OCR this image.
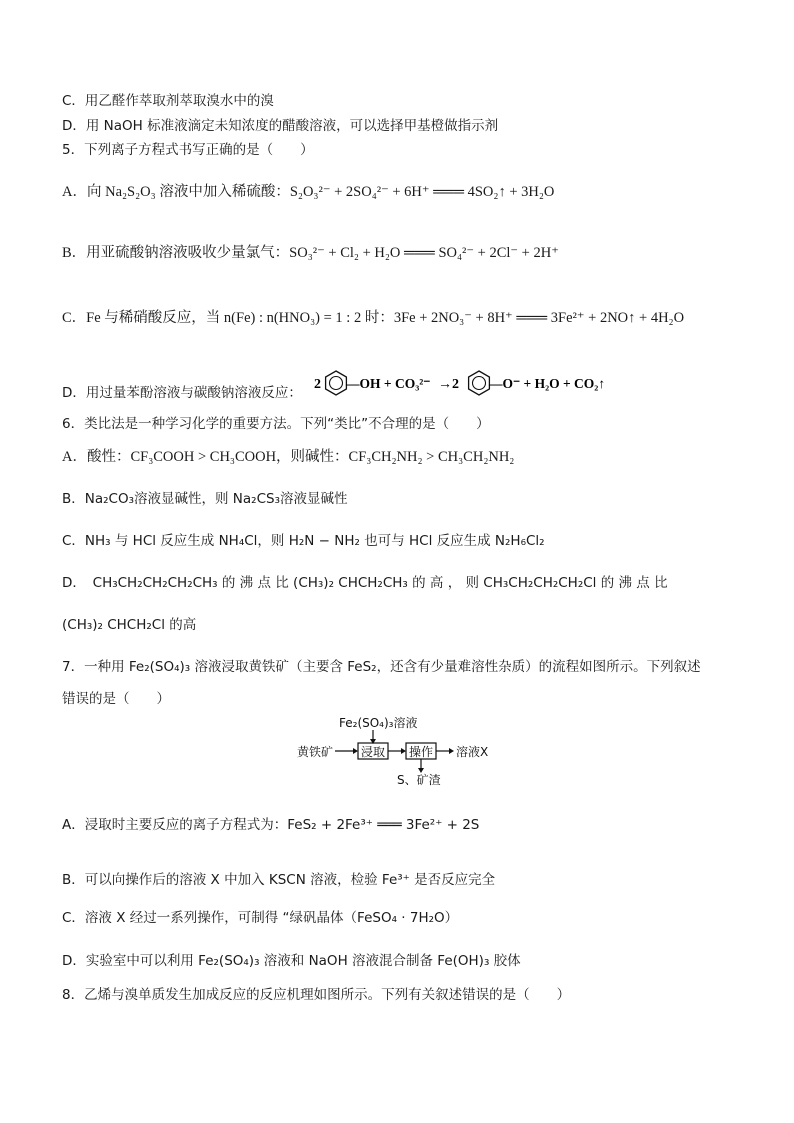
C．用乙醛作萃取剂萃取溴水中的溴
D．用 NaOH 标准液滴定未知浓度的醋酸溶液，可以选择甲基橙做指示剂
5．下列离子方程式书写正确的是（　　）
A．向 Na₂S₂O₃ 溶液中加入稀硫酸：S₂O₃²⁻ + 2SO₄²⁻ + 6H⁺ ═══ 4SO₂↑ + 3H₂O
B．用亚硫酸钠溶液吸收少量氯气：SO₃²⁻ + Cl₂ + H₂O ═══ SO₄²⁻ + 2Cl⁻ + 2H⁺
C．Fe 与稀硝酸反应，当 n(Fe) : n(HNO₃) = 1 : 2 时：3Fe + 2NO₃⁻ + 8H⁺ ═══ 3Fe²⁺ + 2NO↑ + 4H₂O
D．用过量苯酚溶液与碳酸钠溶液反应：
2 —OH + CO₃²⁻ →2 —O⁻ + H₂O + CO₂↑
6．类比法是一种学习化学的重要方法。下列“类比”不合理的是（　　）
A．酸性：CF₃COOH > CH₃COOH，则碱性：CF₃CH₂NH₂ > CH₃CH₂NH₂
B．Na₂CO₃溶液显碱性，则 Na₂CS₃溶液显碱性
C．NH₃ 与 HCl 反应生成 NH₄Cl，则 H₂N − NH₂ 也可与 HCl 反应生成 N₂H₆Cl₂
D．　CH₃CH₂CH₂CH₂CH₃ 的 沸 点 比 (CH₃)₂ CHCH₂CH₃ 的 高 ， 则 CH₃CH₂CH₂CH₂Cl 的 沸 点 比
(CH₃)₂ CHCH₂Cl 的高
7．一种用 Fe₂(SO₄)₃ 溶液浸取黄铁矿（主要含 FeS₂，还含有少量难溶性杂质）的流程如图所示。下列叙述
错误的是（　　）
Fe₂(SO₄)₃溶液
黄铁矿 浸取 操作 溶液X
S、矿渣
A．浸取时主要反应的离子方程式为：FeS₂ + 2Fe³⁺ ═══ 3Fe²⁺ + 2S
B．可以向操作后的溶液 X 中加入 KSCN 溶液，检验 Fe³⁺ 是否反应完全
C．溶液 X 经过一系列操作，可制得 “绿矾晶体（FeSO₄ · 7H₂O）
D．实验室中可以利用 Fe₂(SO₄)₃ 溶液和 NaOH 溶液混合制备 Fe(OH)₃ 胶体
8．乙烯与溴单质发生加成反应的反应机理如图所示。下列有关叙述错误的是（　　）
